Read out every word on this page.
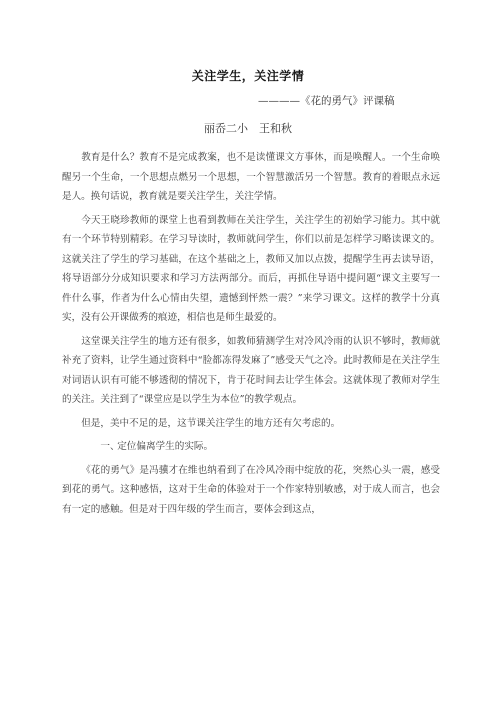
关注学生，关注学情
————《花的勇气》评课稿
丽岙二小　王和秋

教育是什么？教育不是完成教案，也不是读懂课文方事休，而是唤醒人。一个生命唤醒另一个生命，一个思想点燃另一个思想，一个智慧激活另一个智慧。教育的着眼点永远是人。换句话说，教育就是要关注学生，关注学情。

今天王晓珍教师的课堂上也看到教师在关注学生，关注学生的初始学习能力。其中就有一个环节特别精彩。在学习导读时，教师就问学生，你们以前是怎样学习略读课文的。这就关注了学生的学习基础，在这个基础之上，教师又加以点拨，提醒学生再去读导语，将导语部分分成知识要求和学习方法两部分。而后，再抓住导语中提问题“课文主要写一件什么事，作者为什么心情由失望，遗憾到怦然一震？”来学习课文。这样的教学十分真实，没有公开课做秀的痕迹，相信也是师生最爱的。

这堂课关注学生的地方还有很多，如教师猜测学生对冷风冷雨的认识不够时，教师就补充了资料，让学生通过资料中“脸都冻得发麻了”感受天气之冷。此时教师是在关注学生对词语认识有可能不够透彻的情况下，肯于花时间去让学生体会。这就体现了教师对学生的关注。关注到了“课堂应是以学生为本位”的教学观点。

但是，美中不足的是，这节课关注学生的地方还有欠考虑的。

一、定位偏离学生的实际。

《花的勇气》是冯骥才在维也纳看到了在冷风冷雨中绽放的花，突然心头一震，感受到花的勇气。这种感悟，这对于生命的体验对于一个作家特别敏感，对于成人而言，也会有一定的感触。但是对于四年级的学生而言，要体会到这点，
